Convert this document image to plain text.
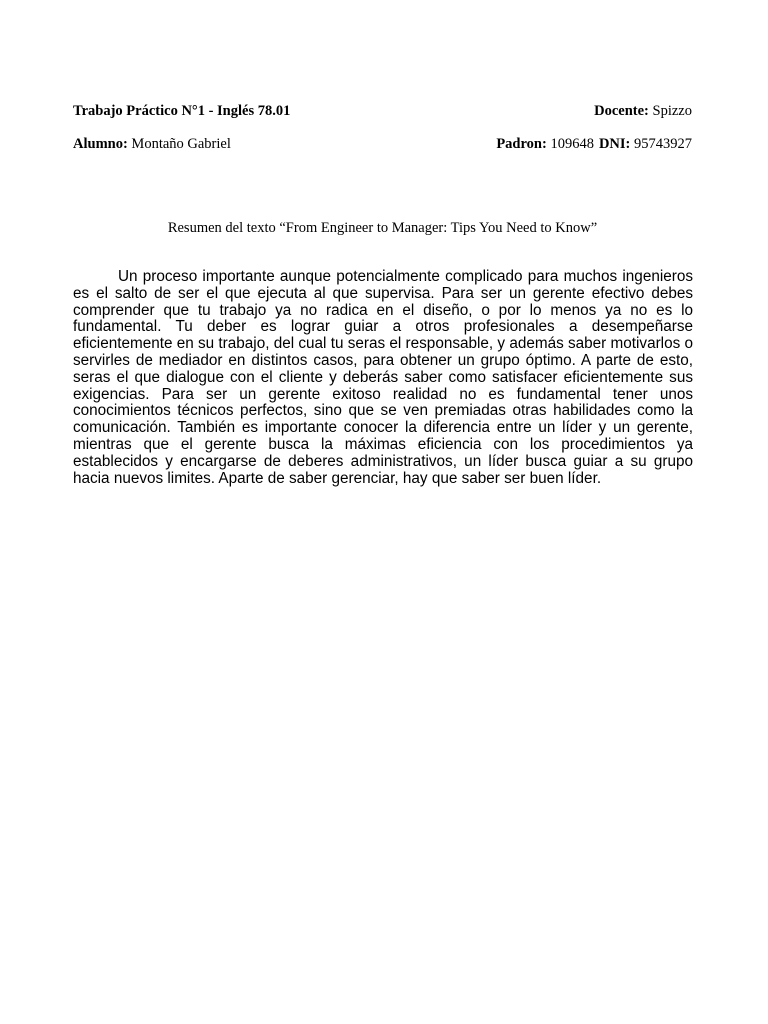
Trabajo Práctico N°1 - Inglés 78.01	Docente: Spizzo
Alumno: Montaño Gabriel	Padron: 109648 DNI: 95743927
Resumen del texto “From Engineer to Manager: Tips You Need to Know”

Un proceso importante aunque potencialmente complicado para muchos ingenieros es el salto de ser el que ejecuta al que supervisa. Para ser un gerente efectivo debes comprender que tu trabajo ya no radica en el diseño, o por lo menos ya no es lo fundamental. Tu deber es lograr guiar a otros profesionales a desempeñarse eficientemente en su trabajo, del cual tu seras el responsable, y además saber motivarlos o servirles de mediador en distintos casos, para obtener un grupo óptimo. A parte de esto, seras el que dialogue con el cliente y deberás saber como satisfacer eficientemente sus exigencias. Para ser un gerente exitoso realidad no es fundamental tener unos conocimientos técnicos perfectos, sino que se ven premiadas otras habilidades como la comunicación. También es importante conocer la diferencia entre un líder y un gerente, mientras que el gerente busca la máximas eficiencia con los procedimientos ya establecidos y encargarse de deberes administrativos, un líder busca guiar a su grupo hacia nuevos limites. Aparte de saber gerenciar, hay que saber ser buen líder.
